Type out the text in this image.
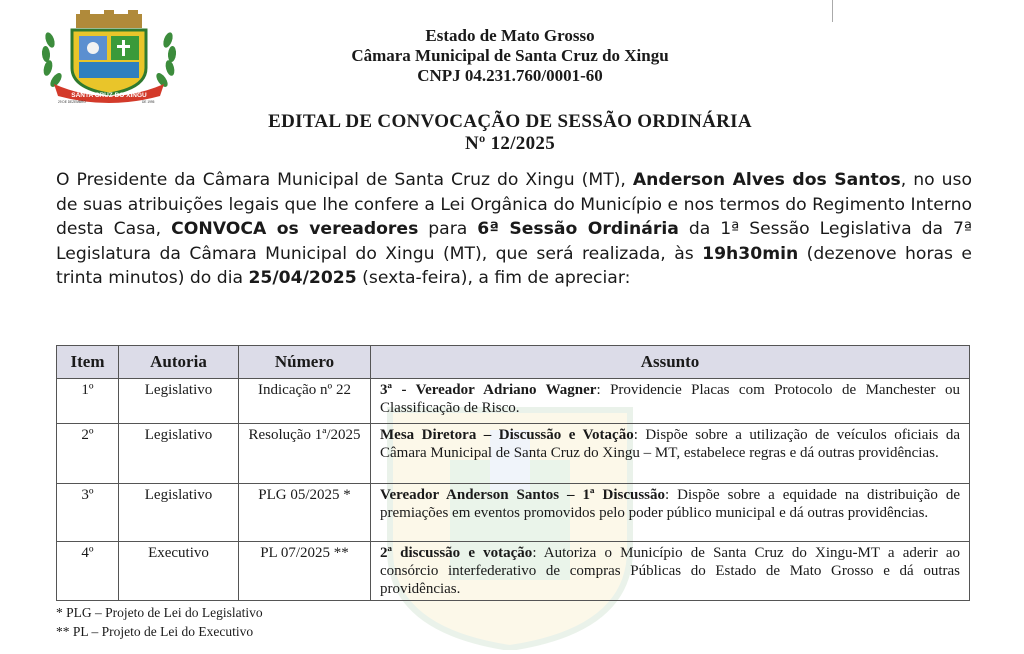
SANTA CRUZ DO XINGU
29 DE DEZEMBRO	DE 1995
Estado de Mato Grosso
Câmara Municipal de Santa Cruz do Xingu
CNPJ 04.231.760/0001-60
EDITAL DE CONVOCAÇÃO DE SESSÃO ORDINÁRIA
Nº 12/2025
O Presidente da Câmara Municipal de Santa Cruz do Xingu (MT), Anderson Alves dos Santos, no uso de suas atribuições legais que lhe confere a Lei Orgânica do Município e nos termos do Regimento Interno desta Casa, CONVOCA os vereadores para 6ª Sessão Ordinária da 1ª Sessão Legislativa da 7ª Legislatura da Câmara Municipal do Xingu (MT), que será realizada, às 19h30min (dezenove horas e trinta minutos) do dia 25/04/2025 (sexta-feira), a fim de apreciar:
Item	Autoria	Número	Assunto
1º	Legislativo	Indicação nº 22	3ª - Vereador Adriano Wagner: Providencie Placas com Protocolo de Manchester ou Classificação de Risco.
2º	Legislativo	Resolução 1ª/2025	Mesa Diretora – Discussão e Votação: Dispõe sobre a utilização de veículos oficiais da Câmara Municipal de Santa Cruz do Xingu – MT, estabelece regras e dá outras providências.
3º	Legislativo	PLG 05/2025 *	Vereador Anderson Santos – 1ª Discussão: Dispõe sobre a equidade na distribuição de premiações em eventos promovidos pelo poder público municipal e dá outras providências.
4º	Executivo	PL 07/2025 **	2ª discussão e votação: Autoriza o Município de Santa Cruz do Xingu-MT a aderir ao consórcio interfederativo de compras Públicas do Estado de Mato Grosso e dá outras providências.
* PLG – Projeto de Lei do Legislativo
** PL – Projeto de Lei do Executivo
